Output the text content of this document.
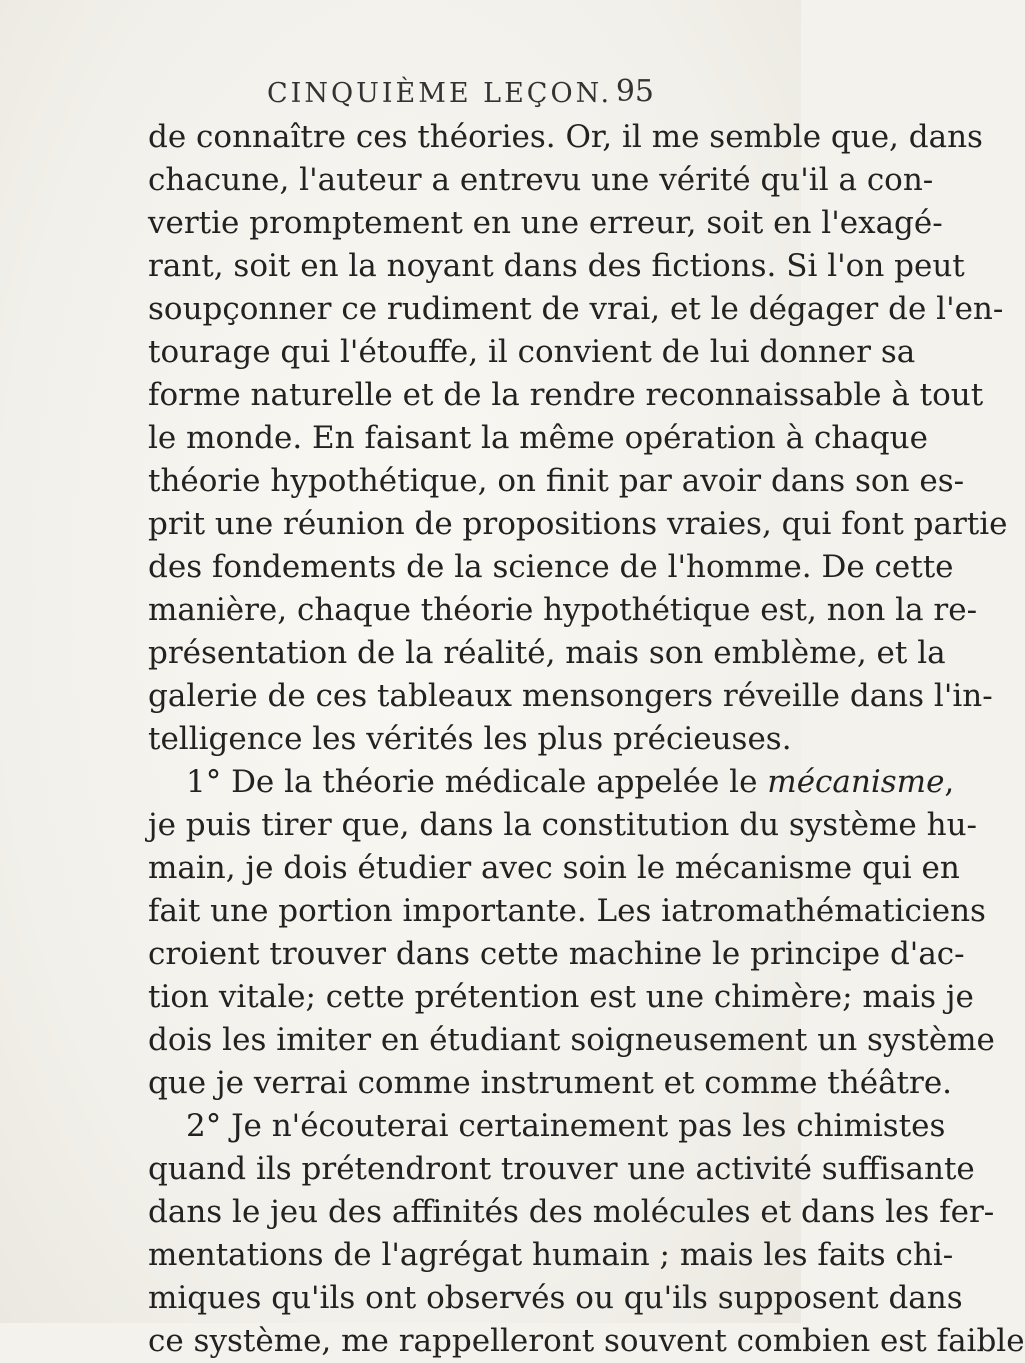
CINQUIÈME LEÇON. 95
de connaître ces théories. Or, il me semble que, dans
chacune, l'auteur a entrevu une vérité qu'il a con-
vertie promptement en une erreur, soit en l'exagé-
rant, soit en la noyant dans des fictions. Si l'on peut
soupçonner ce rudiment de vrai, et le dégager de l'en-
tourage qui l'étouffe, il convient de lui donner sa
forme naturelle et de la rendre reconnaissable à tout
le monde. En faisant la même opération à chaque
théorie hypothétique, on finit par avoir dans son es-
prit une réunion de propositions vraies, qui font partie
des fondements de la science de l'homme. De cette
manière, chaque théorie hypothétique est, non la re-
présentation de la réalité, mais son emblème, et la
galerie de ces tableaux mensongers réveille dans l'in-
telligence les vérités les plus précieuses.
1° De la théorie médicale appelée le mécanisme,
je puis tirer que, dans la constitution du système hu-
main, je dois étudier avec soin le mécanisme qui en
fait une portion importante. Les iatromathématiciens
croient trouver dans cette machine le principe d'ac-
tion vitale; cette prétention est une chimère; mais je
dois les imiter en étudiant soigneusement un système
que je verrai comme instrument et comme théâtre.
2° Je n'écouterai certainement pas les chimistes
quand ils prétendront trouver une activité suffisante
dans le jeu des affinités des molécules et dans les fer-
mentations de l'agrégat humain ; mais les faits chi-
miques qu'ils ont observés ou qu'ils supposent dans
ce système, me rappelleront souvent combien est faible
